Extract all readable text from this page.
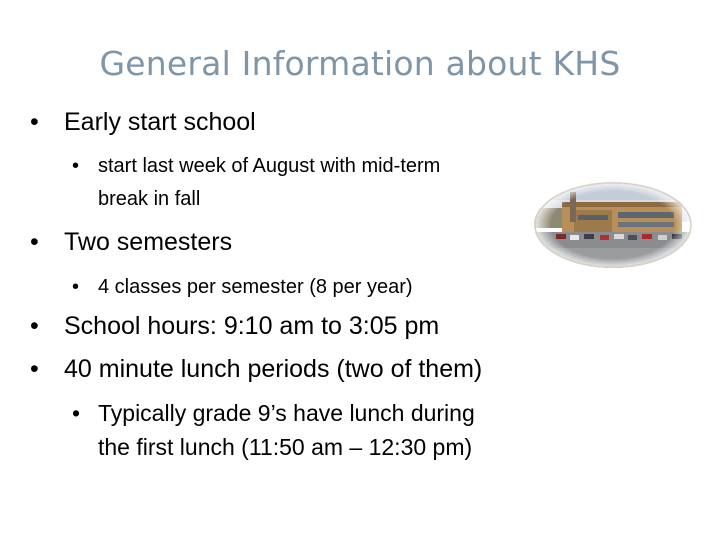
General Information about KHS
• Early start school
• start last week of August with mid-term
break in fall
• Two semesters
• 4 classes per semester (8 per year)
• School hours: 9:10 am to 3:05 pm
• 40 minute lunch periods (two of them)
• Typically grade 9’s have lunch during
the first lunch (11:50 am – 12:30 pm)
